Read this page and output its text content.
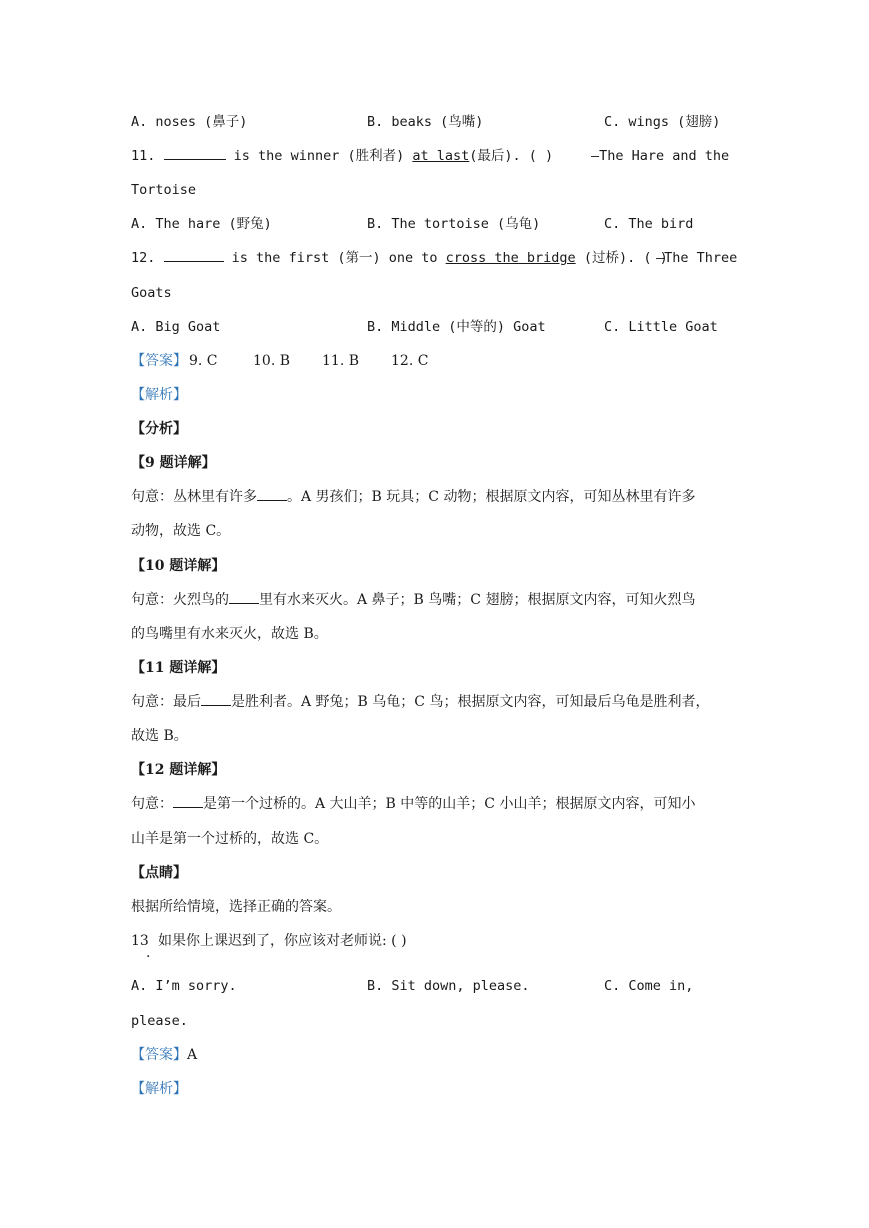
A. noses (鼻子)	B. beaks (鸟嘴)	C. wings (翅膀)
11.	is the winner (胜利者) at last(最后). ( )	—The Hare and the
Tortoise
A. The hare (野兔)	B. The tortoise (乌龟)	C. The bird
12.	is the first (第一) one to cross the bridge (过桥). ( )
—The Three
Goats
A. Big Goat	B. Middle (中等的) Goat	C. Little Goat
【答案】 9. C	10. B 11. B 12. C
【解析】
【分析】
【9 题详解】
句意：丛林里有许多 。A 男孩们；B 玩具；C 动物；根据原文内容，可知丛林里有许多
动物，故选 C。
【10 题详解】
句意：火烈鸟的 里有水来灭火。A 鼻子；B 鸟嘴；C 翅膀；根据原文内容，可知火烈鸟
的鸟嘴里有水来灭火，故选 B。
【11 题详解】
句意：最后 是胜利者。A 野兔；B 乌龟；C 鸟；根据原文内容，可知最后乌龟是胜利者，
故选 B。
【12 题详解】
句意： 是第一个过桥的。A 大山羊；B 中等的山羊；C 小山羊；根据原文内容，可知小
山羊是第一个过桥的，故选 C。
【点睛】
根据所给情境，选择正确的答案。
13 如果你上课迟到了，你应该对老师说: ( )
·
A. I’m sorry.	B. Sit down, please.	C. Come in,
please.
【答案】A
【解析】
